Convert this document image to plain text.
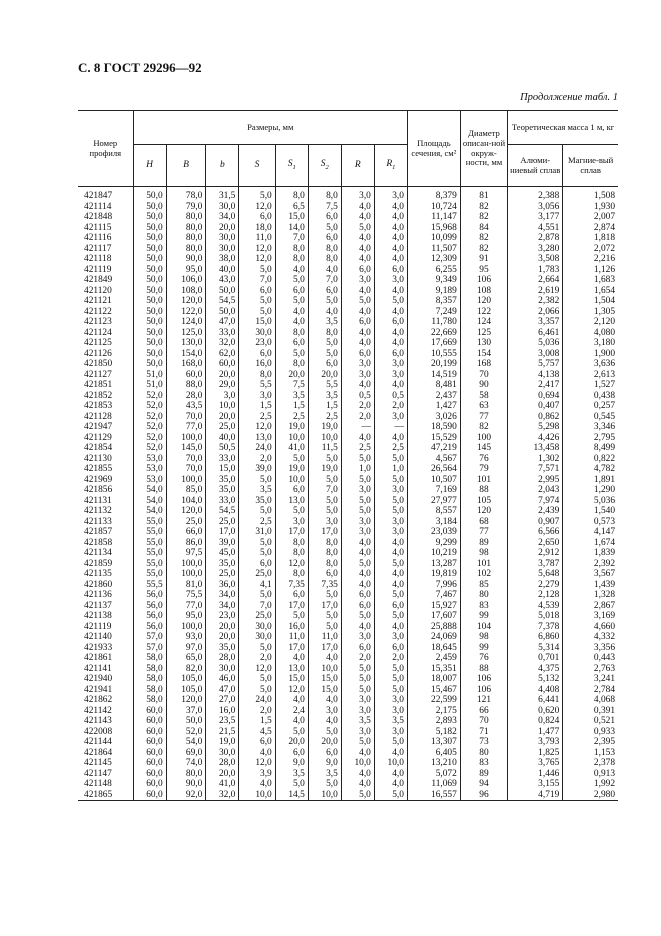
С. 8 ГОСТ 29296—92
Продолжение табл. 1
Номер профиля	Размеры, мм								Площадь сечения, см²	Диаметр описан-ной окруж-ности, мм	Теоретическая масса 1 м, кг	
	H	B	b	S	$S_1$	$S_2$	R	$R_1$			Алюми-ниевый сплав	Магние-вый сплав
421847	50,0	78,0	31,5	5,0	8,0	8,0	3,0	3,0	8,379	81	2,388	1,508
421114	50,0	79,0	30,0	12,0	6,5	7,5	4,0	4,0	10,724	82	3,056	1,930
421848	50,0	80,0	34,0	6,0	15,0	6,0	4,0	4,0	11,147	82	3,177	2,007
421115	50,0	80,0	20,0	18,0	14,0	5,0	5,0	4,0	15,968	84	4,551	2,874
421116	50,0	80,0	30,0	11,0	7,0	6,0	4,0	4,0	10,099	82	2,878	1,818
421117	50,0	80,0	30,0	12,0	8,0	8,0	4,0	4,0	11,507	82	3,280	2,072
421118	50,0	90,0	38,0	12,0	8,0	8,0	4,0	4,0	12,309	91	3,508	2,216
421119	50,0	95,0	40,0	5,0	4,0	4,0	6,0	6,0	6,255	95	1,783	1,126
421849	50,0	106,0	43,0	7,0	5,0	7,0	3,0	3,0	9,349	106	2,664	1,683
421120	50,0	108,0	50,0	6,0	6,0	6,0	4,0	4,0	9,189	108	2,619	1,654
421121	50,0	120,0	54,5	5,0	5,0	5,0	5,0	5,0	8,357	120	2,382	1,504
421122	50,0	122,0	50,0	5,0	4,0	4,0	4,0	4,0	7,249	122	2,066	1,305
421123	50,0	124,0	47,0	15,0	4,0	3,5	6,0	6,0	11,780	124	3,357	2,120
421124	50,0	125,0	33,0	30,0	8,0	8,0	4,0	4,0	22,669	125	6,461	4,080
421125	50,0	130,0	32,0	23,0	6,0	5,0	4,0	4,0	17,669	130	5,036	3,180
421126	50,0	154,0	62,0	6,0	5,0	5,0	6,0	6,0	10,555	154	3,008	1,900
421850	50,0	168,0	60,0	16,0	8,0	6,0	3,0	3,0	20,199	168	5,757	3,636
421127	51,0	60,0	20,0	8,0	20,0	20,0	3,0	3,0	14,519	70	4,138	2,613
421851	51,0	88,0	29,0	5,5	7,5	5,5	4,0	4,0	8,481	90	2,417	1,527
421852	52,0	28,0	3,0	3,0	3,5	3,5	0,5	0,5	2,437	58	0,694	0,438
421853	52,0	43,5	10,0	1,5	1,5	1,5	2,0	2,0	1,427	63	0,407	0,257
421128	52,0	70,0	20,0	2,5	2,5	2,5	2,0	3,0	3,026	77	0,862	0,545
421947	52,0	77,0	25,0	12,0	19,0	19,0	—	—	18,590	82	5,298	3,346
421129	52,0	100,0	40,0	13,0	10,0	10,0	4,0	4,0	15,529	100	4,426	2,795
421854	52,0	145,0	50,5	24,0	41,0	11,5	2,5	2,5	47,219	145	13,458	8,499
421130	53,0	70,0	33,0	2,0	5,0	5,0	5,0	5,0	4,567	76	1,302	0,822
421855	53,0	70,0	15,0	39,0	19,0	19,0	1,0	1,0	26,564	79	7,571	4,782
421969	53,0	100,0	35,0	5,0	10,0	5,0	5,0	5,0	10,507	101	2,995	1,891
421856	54,0	85,0	35,0	3,5	6,0	7,0	3,0	3,0	7,169	88	2,043	1,290
421131	54,0	104,0	33,0	35,0	13,0	5,0	5,0	5,0	27,977	105	7,974	5,036
421132	54,0	120,0	54,5	5,0	5,0	5,0	5,0	5,0	8,557	120	2,439	1,540
421133	55,0	25,0	25,0	2,5	3,0	3,0	3,0	3,0	3,184	68	0,907	0,573
421857	55,0	66,0	17,0	31,0	17,0	17,0	3,0	3,0	23,039	77	6,566	4,147
421858	55,0	86,0	39,0	5,0	8,0	8,0	4,0	4,0	9,299	89	2,650	1,674
421134	55,0	97,5	45,0	5,0	8,0	8,0	4,0	4,0	10,219	98	2,912	1,839
421859	55,0	100,0	35,0	6,0	12,0	8,0	5,0	5,0	13,287	101	3,787	2,392
421135	55,0	100,0	25,0	25,0	8,0	6,0	4,0	4,0	19,819	102	5,648	3,567
421860	55,5	81,0	36,0	4,1	7,35	7,35	4,0	4,0	7,996	85	2,279	1,439
421136	56,0	75,5	34,0	5,0	6,0	5,0	6,0	5,0	7,467	80	2,128	1,328
421137	56,0	77,0	34,0	7,0	17,0	17,0	6,0	6,0	15,927	83	4,539	2,867
421138	56,0	95,0	23,0	25,0	5,0	5,0	5,0	5,0	17,607	99	5,018	3,169
421119	56,0	100,0	20,0	30,0	16,0	5,0	4,0	4,0	25,888	104	7,378	4,660
421140	57,0	93,0	20,0	30,0	11,0	11,0	3,0	3,0	24,069	98	6,860	4,332
421933	57,0	97,0	35,0	5,0	17,0	17,0	6,0	6,0	18,645	99	5,314	3,356
421861	58,0	65,0	28,0	2,0	4,0	4,0	2,0	2,0	2,459	76	0,701	0,443
421141	58,0	82,0	30,0	12,0	13,0	10,0	5,0	5,0	15,351	88	4,375	2,763
421940	58,0	105,0	46,0	5,0	15,0	15,0	5,0	5,0	18,007	106	5,132	3,241
421941	58,0	105,0	47,0	5,0	12,0	15,0	5,0	5,0	15,467	106	4,408	2,784
421862	58,0	120,0	27,0	24,0	4,0	4,0	3,0	3,0	22,599	121	6,441	4,068
421142	60,0	37,0	16,0	2,0	2,4	3,0	3,0	3,0	2,175	66	0,620	0,391
421143	60,0	50,0	23,5	1,5	4,0	4,0	3,5	3,5	2,893	70	0,824	0,521
422008	60,0	52,0	21,5	4,5	5,0	5,0	3,0	3,0	5,182	71	1,477	0,933
421144	60,0	54,0	19,0	6,0	20,0	20,0	5,0	5,0	13,307	73	3,793	2,395
421864	60,0	69,0	30,0	4,0	6,0	6,0	4,0	4,0	6,405	80	1,825	1,153
421145	60,0	74,0	28,0	12,0	9,0	9,0	10,0	10,0	13,210	83	3,765	2,378
421147	60,0	80,0	20,0	3,9	3,5	3,5	4,0	4,0	5,072	89	1,446	0,913
421148	60,0	90,0	41,0	4,0	5,0	5,0	4,0	4,0	11,069	94	3,155	1,992
421865	60,0	92,0	32,0	10,0	14,5	10,0	5,0	5,0	16,557	96	4,719	2,980
